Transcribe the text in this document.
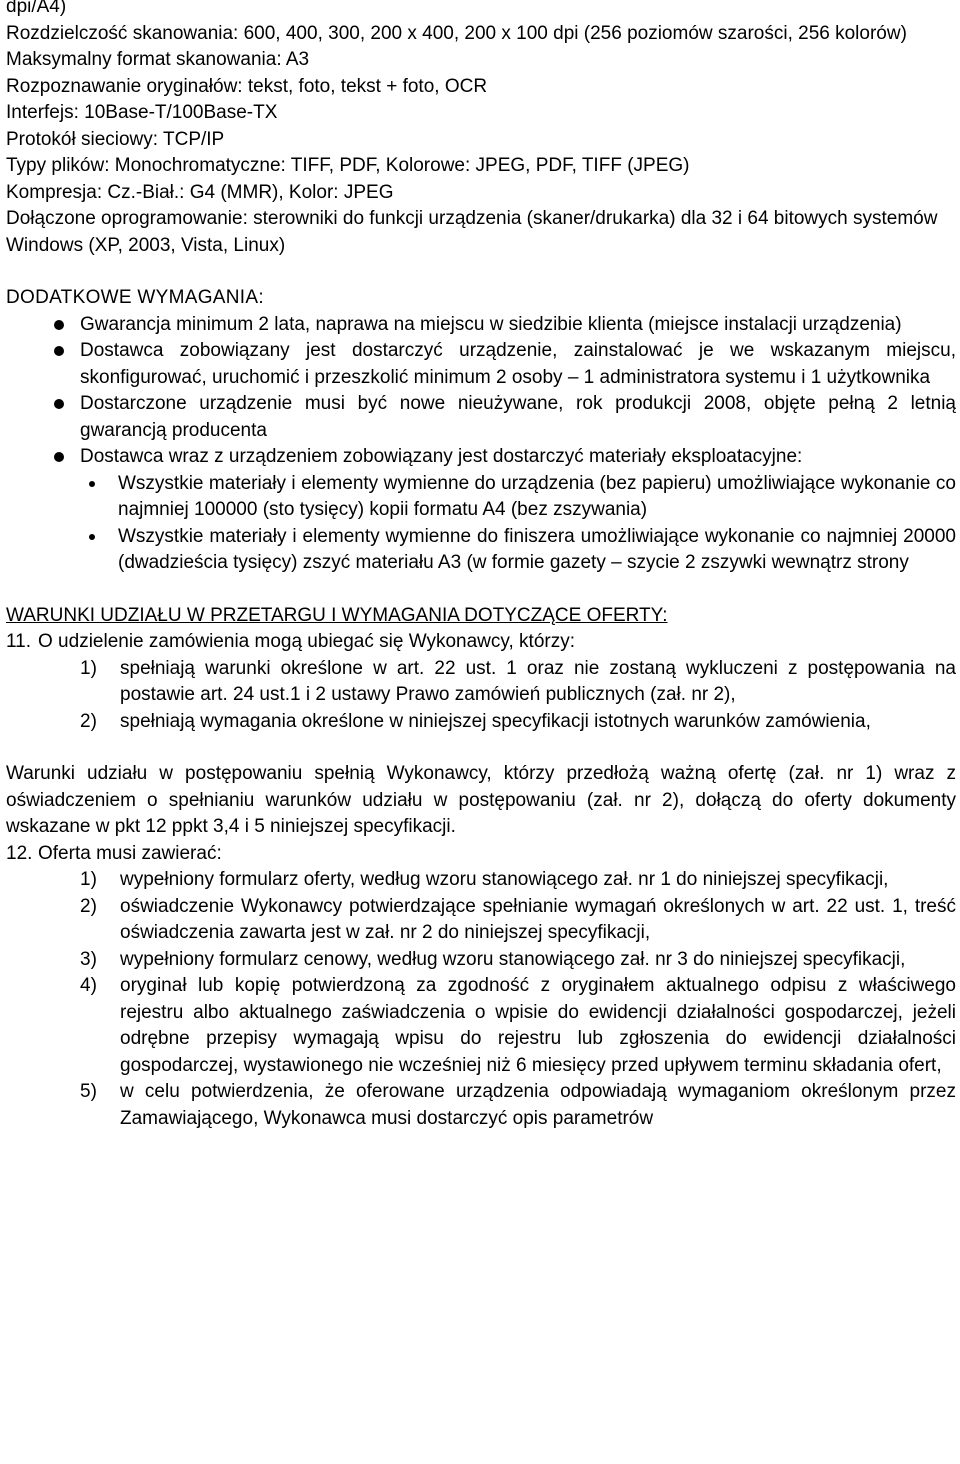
dpi/A4)

Rozdzielczość skanowania: 600, 400, 300, 200 x 400, 200 x 100 dpi (256 poziomów szarości, 256 kolorów)

Maksymalny format skanowania: A3

Rozpoznawanie oryginałów: tekst, foto, tekst + foto, OCR

Interfejs: 10Base-T/100Base-TX

Protokół sieciowy: TCP/IP

Typy plików: Monochromatyczne: TIFF, PDF, Kolorowe: JPEG, PDF, TIFF (JPEG)

Kompresja: Cz.-Biał.: G4 (MMR), Kolor: JPEG

Dołączone oprogramowanie: sterowniki do funkcji urządzenia (skaner/drukarka) dla 32 i 64 bitowych systemów Windows (XP, 2003, Vista, Linux)

DODATKOWE WYMAGANIA:

Gwarancja minimum 2 lata, naprawa na miejscu w siedzibie klienta (miejsce instalacji urządzenia)
Dostawca zobowiązany jest dostarczyć urządzenie, zainstalować je we wskazanym miejscu, skonfigurować, uruchomić i przeszkolić minimum 2 osoby – 1 administratora systemu i 1 użytkownika
Dostarczone urządzenie musi być nowe nieużywane, rok produkcji 2008, objęte pełną 2 letnią gwarancją producenta
Dostawca wraz z urządzeniem zobowiązany jest dostarczyć materiały eksploatacyjne:
Wszystkie materiały i elementy wymienne do urządzenia (bez papieru) umożliwiające wykonanie co najmniej 100000 (sto tysięcy) kopii formatu A4 (bez zszywania)
Wszystkie materiały i elementy wymienne do finiszera umożliwiające wykonanie co najmniej 20000 (dwadzieścia tysięcy) zszyć materiału A3 (w formie gazety – szycie 2 zszywki wewnątrz strony

WARUNKI UDZIAŁU W PRZETARGU I WYMAGANIA DOTYCZĄCE OFERTY:

11. O udzielenie zamówienia mogą ubiegać się Wykonawcy, którzy:
1) spełniają warunki określone w art. 22 ust. 1 oraz nie zostaną wykluczeni z postępowania na postawie art. 24 ust.1 i 2 ustawy Prawo zamówień publicznych (zał. nr 2),
2) spełniają wymagania określone w niniejszej specyfikacji istotnych warunków zamówienia,

Warunki udziału w postępowaniu spełnią Wykonawcy, którzy przedłożą ważną ofertę (zał. nr 1) wraz z oświadczeniem o spełnianiu warunków udziału w postępowaniu (zał. nr 2), dołączą do oferty dokumenty wskazane w pkt 12 ppkt 3,4 i 5 niniejszej specyfikacji.

12. Oferta musi zawierać:
1) wypełniony formularz oferty, według wzoru stanowiącego zał. nr 1 do niniejszej specyfikacji,
2) oświadczenie Wykonawcy potwierdzające spełnianie wymagań określonych w art. 22 ust. 1, treść oświadczenia zawarta jest w zał. nr 2 do niniejszej specyfikacji,
3) wypełniony formularz cenowy, według wzoru stanowiącego zał. nr 3 do niniejszej specyfikacji,
4) oryginał lub kopię potwierdzoną za zgodność z oryginałem aktualnego odpisu z właściwego rejestru albo aktualnego zaświadczenia o wpisie do ewidencji działalności gospodarczej, jeżeli odrębne przepisy wymagają wpisu do rejestru lub zgłoszenia do ewidencji działalności gospodarczej, wystawionego nie wcześniej niż 6 miesięcy przed upływem terminu składania ofert,
5) w celu potwierdzenia, że oferowane urządzenia odpowiadają wymaganiom określonym przez Zamawiającego, Wykonawca musi dostarczyć opis parametrów
